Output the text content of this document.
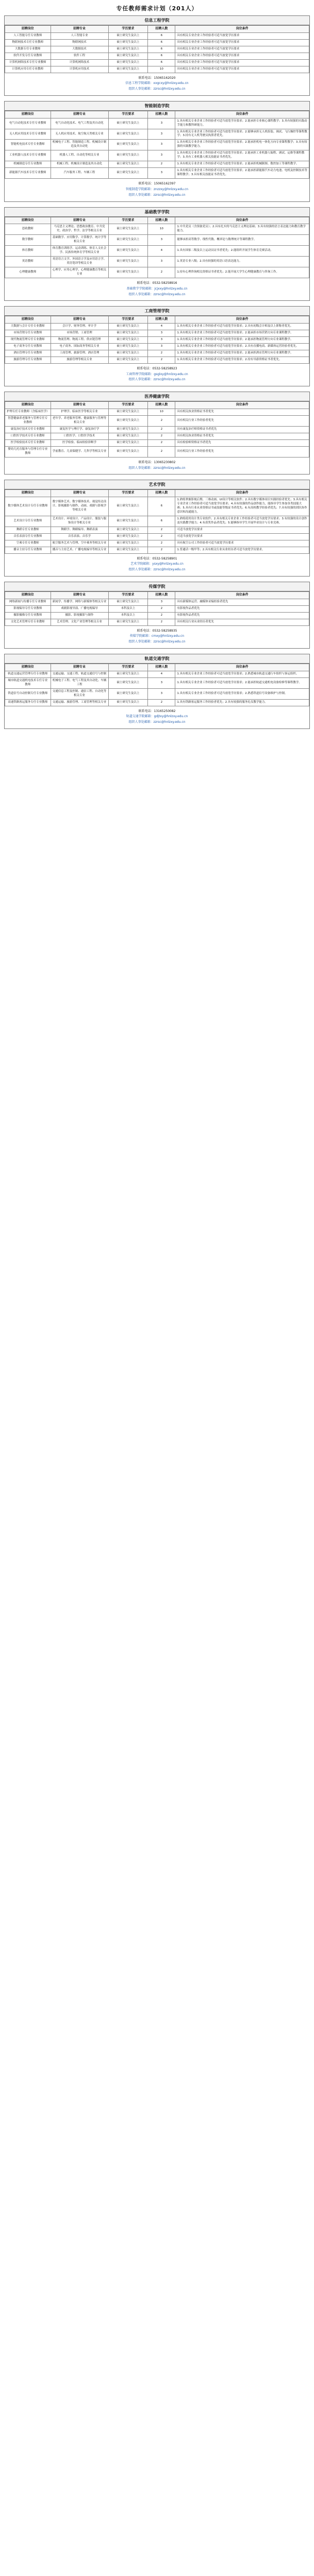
专任教师需求计划（201人）
信息工程学院
招聘岗位	招聘专业	学历要求	招聘人数	岗位条件
人工智能专任专业教师	人工智能专业	硕士研究生及以上	6	具有相关专业企业工作经验者可适当放宽学历要求
物联网技术专任专业教师	物联网技术	硕士研究生及以上	6	具有相关专业企业工作经验者可适当放宽学历要求
大数据专任专业教师	大数据技术	硕士研究生及以上	6	具有相关专业企业工作经验者可适当放宽学历要求
软件开发专任专业教师	软件工程	硕士研究生及以上	6	具有相关专业企业工作经验者可适当放宽学历要求
计算机网络技术专任专业教师	计算机网络技术	硕士研究生及以上	6	具有相关专业企业工作经验者可适当放宽学历要求
计算机应用专任专业教师	计算机应用技术	硕士研究生及以上	10	具有相关专业企业工作经验者可适当放宽学历要求
联系电话：15065162020
信息工程学院邮箱：xxgcxy@hnlzxy.edu.cn
组织人事处邮箱：zzrsc@hnlzxy.edu.cn
智能制造学院
招聘岗位	招聘专业	学历要求	招聘人数	岗位条件
电气自动化技术专任专业教师	电气自动化技术、电气工程及其自动化	硕士研究生及以上	3	1.具有相关专业企业工作经验者可适当放宽学历要求；2.能承担专业核心课程教学；3.具有较强的实践动手能力和教科研能力。
无人机应用技术专任专业教师	无人机应用技术、航空航天类相关专业	硕士研究生及以上	3	1.具有相关专业企业工作经验者可适当放宽学历要求；2.能够承担无人机组装、调试、飞行操控等课程教学；3.持有无人机驾驶员执照者优先。
智能机电技术专任专业教师	机械电子工程、智能制造工程、机械设计制造及其自动化	硕士研究生及以上	3	1.具有相关专业企业工作经验者可适当放宽学历要求；2.能承担机电一体化方向专业课程教学；3.具有较强的实践教学能力。
工业机器人技术专任专业教师	机器人工程、自动化等相关专业	硕士研究生及以上	3	1.具有相关专业企业工作经验者可适当放宽学历要求；2.能承担工业机器人编程、调试、运维等课程教学；3.具有工业机器人相关技能证书者优先。
机械制造专任专业教师	机械工程、机械设计制造及其自动化	硕士研究生及以上	2	1.具有相关专业企业工作经验者可适当放宽学历要求；2.能承担机械制图、数控加工等课程教学。
新能源汽车技术专任专业教师	汽车服务工程、车辆工程	硕士研究生及以上	3	1.具有相关专业企业工作经验者可适当放宽学历要求；2.能承担新能源汽车动力电池、电机及控制技术等课程教学；3.具有相关技能证书者优先。
联系电话：15065162397
智能制造学院邮箱：znzzxy@hnlzxy.edu.cn
组织人事处邮箱：zzrsc@hnlzxy.edu.cn
基础教学学院
招聘岗位	招聘专业	学历要求	招聘人数	岗位条件
思政教师	马克思主义理论、思想政治教育、中共党史、政治学、哲学、法学等相关专业	硕士研究生及以上	10	1.中共党员（含预备党员）；2.具有扎实的马克思主义理论基础；3.具有较强的语言表达能力和教育教学能力。
数学教师	基础数学、应用数学、计算数学、统计学等相关专业	硕士研究生及以上	3	能够承担高等数学、线性代数、概率论与数理统计等课程教学。
体育教师	体育教育训练学、运动训练、体育人文社会学、民族传统体育学等相关专业	硕士研究生及以上	4	1.具有国家二级及以上运动员证书者优先；2.能组织开展学生体育竞赛活动。
英语教师	英语语言文学、外国语言学及应用语言学、英语笔译等相关专业	硕士研究生及以上	3	1.英语专业八级；2.具有较强的英语口语表达能力。
心理健康教师	心理学、应用心理学、心理健康教育等相关专业	硕士研究生及以上	2	1.持有心理咨询相关资格证书者优先；2.能开展大学生心理健康教育与咨询工作。
联系电话：0532-58258916
基础教学学院邮箱：jcjxxy@hnlzxy.edu.cn
组织人事处邮箱：zzrsc@hnlzxy.edu.cn
工商管理学院
招聘岗位	招聘专业	学历要求	招聘人数	岗位条件
大数据与会计专任专业教师	会计学、财务管理、审计学	硕士研究生及以上	4	1.具有相关专业企业工作经验者可适当放宽学历要求；2.具有初级会计师及以上职称者优先。
市场营销专任专业教师	市场营销、工商管理	硕士研究生及以上	3	1.具有相关专业企业工作经验者可适当放宽学历要求；2.能承担市场营销方向专业课程教学。
现代物流管理专任专业教师	物流管理、物流工程、供应链管理	硕士研究生及以上	3	1.具有相关专业企业工作经验者可适当放宽学历要求；2.能承担物流管理方向专业课程教学。
电子商务专任专业教师	电子商务、国际商务等相关专业	硕士研究生及以上	3	1.具有相关专业企业工作经验者可适当放宽学历要求；2.具有直播电商、新媒体运营经验者优先。
酒店管理专任专业教师	工商管理、旅游管理、酒店管理	硕士研究生及以上	2	1.具有相关专业企业工作经验者可适当放宽学历要求；2.能承担酒店管理方向专业课程教学。
旅游管理专任专业教师	旅游管理等相关专业	硕士研究生及以上	2	1.具有相关专业企业工作经验者可适当放宽学历要求；2.持有导游资格证书者优先。
联系电话：0532-58258923
工商管理学院邮箱：gsglxy@hnlzxy.edu.cn
组织人事处邮箱：zzrsc@hnlzxy.edu.cn
医养健康学院
招聘岗位	招聘专业	学历要求	招聘人数	岗位条件
护理专任专业教师（含临床医学）	护理学、临床医学等相关专业	硕士研究生及以上	10	具有相关执业资格证书者优先
智慧健康养老服务与管理专任专业教师	老年学、养老服务管理、健康服务与管理等相关专业	硕士研究生及以上	2	具有相关行业工作经验者优先
康复治疗技术专任专业教师	康复医学与理疗学、康复治疗学	硕士研究生及以上	2	具有康复治疗师资格证书者优先
口腔医学技术专任专业教师	口腔医学、口腔医学技术	硕士研究生及以上	2	具有相关执业资格证书者优先
医学检验技术专任专业教师	医学检验、临床检验诊断学	硕士研究生及以上	2	具有检验师资格证书者优先
婴幼儿托育服务与管理专任专业教师	学前教育、儿童保健学、儿科学等相关专业	硕士研究生及以上	2	具有相关行业工作经验者优先
联系电话：13065230802
组织人事处邮箱：zzrsc@hnlzxy.edu.cn
艺术学院
招聘岗位	招聘专业	学历要求	招聘人数	岗位条件
数字媒体艺术设计专任专业教师	数字媒体艺术、数字媒体技术、视觉传达设计、影视摄影与制作、动画、戏剧与影视学等相关专业	硕士研究生及以上	6	1.熟练掌握影视后期、三维动画、UI设计等相关软件；2.具有数字媒体项目实践经验者优先；3.具有相关专业企业工作经验者可适当放宽学历要求；4.具有较强的作品创作能力，能指导学生参加各类技能大赛；5.具有行业从业资格证书或技能等级证书者优先；6.有高校教学经验者优先；7.具有较强的团队协作意识和沟通能力。
艺术设计专任专业教师	艺术设计、环境设计、产品设计、服装与服饰设计等相关专业	硕士研究生及以上	6	1.熟练使用设计类专业软件；2.具有相关专业企业工作经验者可适当放宽学历要求；3.有较强的设计创作及实践教学能力；4.有获奖作品者优先；5.能够指导学生开展毕业设计与专业竞赛。
舞蹈专任专业教师	舞蹈学、舞蹈编导、舞蹈表演	硕士研究生及以上	2	可适当放宽学历要求
音乐表演专任专业教师	音乐表演、音乐学	硕士研究生及以上	2	可适当放宽学历要求
空乘专任专业教师	航空服务艺术与管理、空中乘务等相关专业	硕士研究生及以上	2	具有航空公司工作经验者可适当放宽学历要求
播音主持专任专业教师	播音与主持艺术、广播电视编导等相关专业	硕士研究生及以上	2	1.普通话一级甲等；2.具有相关行业从业经历者可适当放宽学历要求。
联系电话：0532-58258901
艺术学院邮箱：ysxy@hnlzxy.edu.cn
组织人事处邮箱：zzrsc@hnlzxy.edu.cn
传媒学院
招聘岗位	招聘专业	学历要求	招聘人数	岗位条件
网络新闻与传播专任专业教师	新闻学、传播学、网络与新媒体等相关专业	硕士研究生及以上	3	具有新媒体运营、融媒体采编经验者优先
影视编导专任专业教师	戏剧影视导演、广播电视编导	本科及以上	2	有影视作品者优先
摄影摄像专任专业教师	摄影、影视摄影与制作	本科及以上	2	有影视作品者优先
文化艺术管理专任专业教师	艺术管理、文化产业管理等相关专业	硕士研究生及以上	2	具有相关行业从业经历者优先
联系电话：0532-58258935
传媒学院邮箱：cmxy@hnlzxy.edu.cn
组织人事处邮箱：zzrsc@hnlzxy.edu.cn
轨道交通学院
招聘岗位	招聘专业	学历要求	招聘人数	岗位条件
轨道交通运营管理专任专业教师	交通运输、交通工程、轨道交通信号与控制	硕士研究生及以上	4	1.具有相关专业企业工作经验者可适当放宽学历要求；2.熟悉城市轨道交通行车组织与客运组织。
城市轨道交通机电技术专任专业教师	机械电子工程、电气工程及其自动化、车辆工程	硕士研究生及以上	3	1.具有相关专业企业工作经验者可适当放宽学历要求；2.能承担轨道交通机电设备检修等课程教学。
铁道信号自动控制专任专业教师	交通信息工程及控制、通信工程、自动化等相关专业	硕士研究生及以上	3	1.具有相关专业企业工作经验者可适当放宽学历要求；2.熟悉铁道信号设备维护与控制。
高速铁路客运服务专任专业教师	交通运输、旅游管理、工商管理等相关专业	硕士研究生及以上	2	1.具有铁路客运服务工作经验者优先；2.具有较强的服务礼仪教学能力。
联系电话：13165250082
轨道交通学院邮箱：gdjtxy@hnlzxy.edu.cn
组织人事处邮箱：zzrsc@hnlzxy.edu.cn
